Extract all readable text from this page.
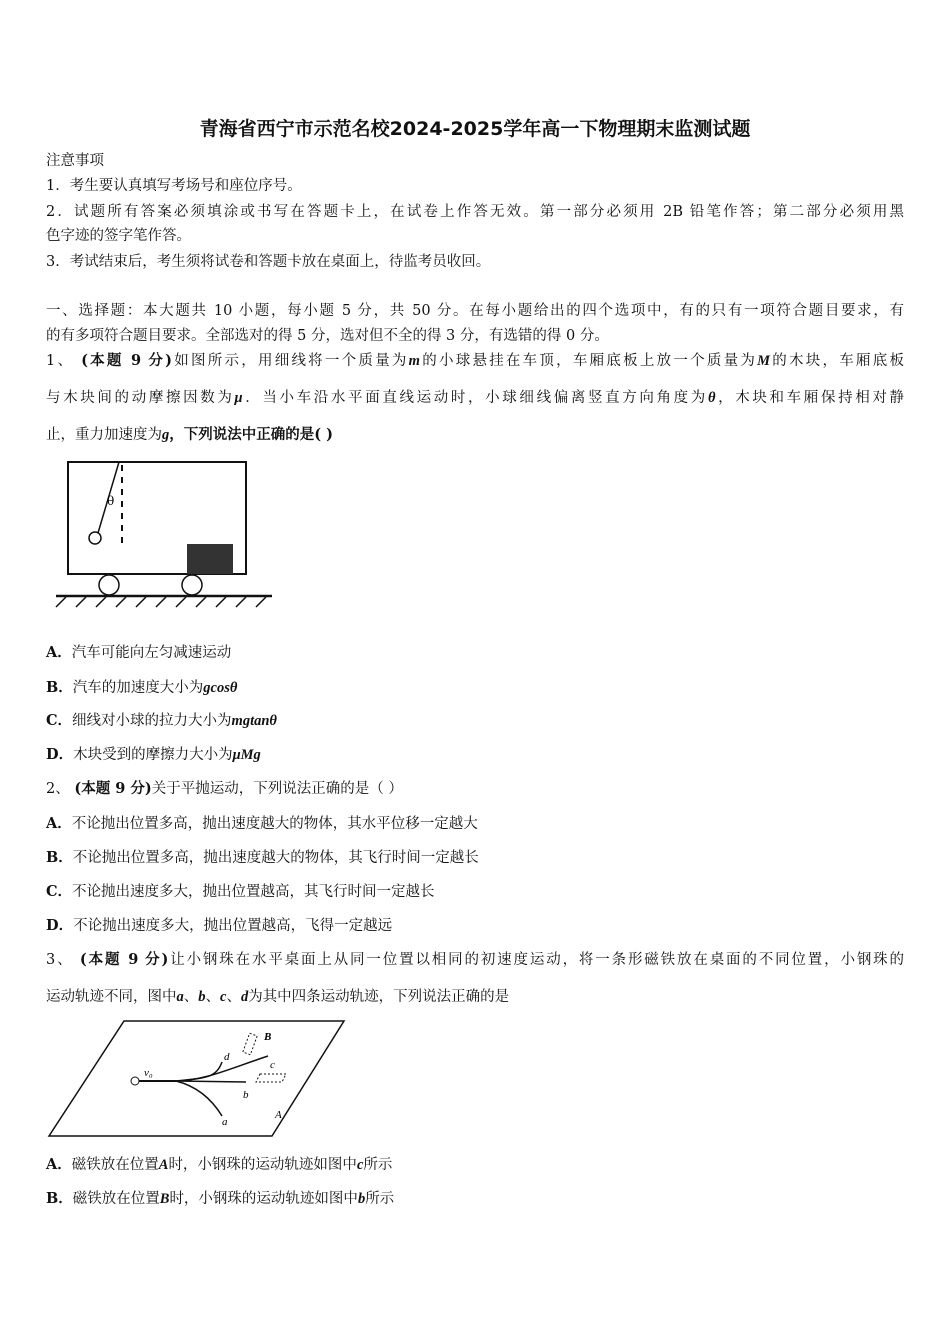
青海省西宁市示范名校2024-2025学年高一下物理期末监测试题
注意事项
1．考生要认真填写考场号和座位序号。
2．试题所有答案必须填涂或书写在答题卡上，在试卷上作答无效。第一部分必须用 2B 铅笔作答；第二部分必须用黑
色字迹的签字笔作答。
3．考试结束后，考生须将试卷和答题卡放在桌面上，待监考员收回。
一、选择题：本大题共 10 小题，每小题 5 分，共 50 分。在每小题给出的四个选项中，有的只有一项符合题目要求，有
的有多项符合题目要求。全部选对的得 5 分，选对但不全的得 3 分，有选错的得 0 分。
1、 (本题 9 分)如图所示，用细线将一个质量为m的小球悬挂在车顶，车厢底板上放一个质量为M的木块，车厢底板
与木块间的动摩擦因数为μ．当小车沿水平面直线运动时，小球细线偏离竖直方向角度为θ，木块和车厢保持相对静
止，重力加速度为g，下列说法中正确的是( )
θ
A．汽车可能向左匀减速运动
B．汽车的加速度大小为gcosθ
C．细线对小球的拉力大小为mgtanθ
D．木块受到的摩擦力大小为μMg
2、 (本题 9 分)关于平抛运动，下列说法正确的是（ ）
A．不论抛出位置多高，抛出速度越大的物体，其水平位移一定越大
B．不论抛出位置多高，抛出速度越大的物体，其飞行时间一定越长
C．不论抛出速度多大，抛出位置越高，其飞行时间一定越长
D．不论抛出速度多大，抛出位置越高，飞得一定越远
3、 (本题 9 分)让小钢珠在水平桌面上从同一位置以相同的初速度运动，将一条形磁铁放在桌面的不同位置，小钢珠的
运动轨迹不同，图中a、b、c、d为其中四条运动轨迹，下列说法正确的是
v₀
B
A
d
c
b
a
A．磁铁放在位置A时，小钢珠的运动轨迹如图中c所示
B．磁铁放在位置B时，小钢珠的运动轨迹如图中b所示
